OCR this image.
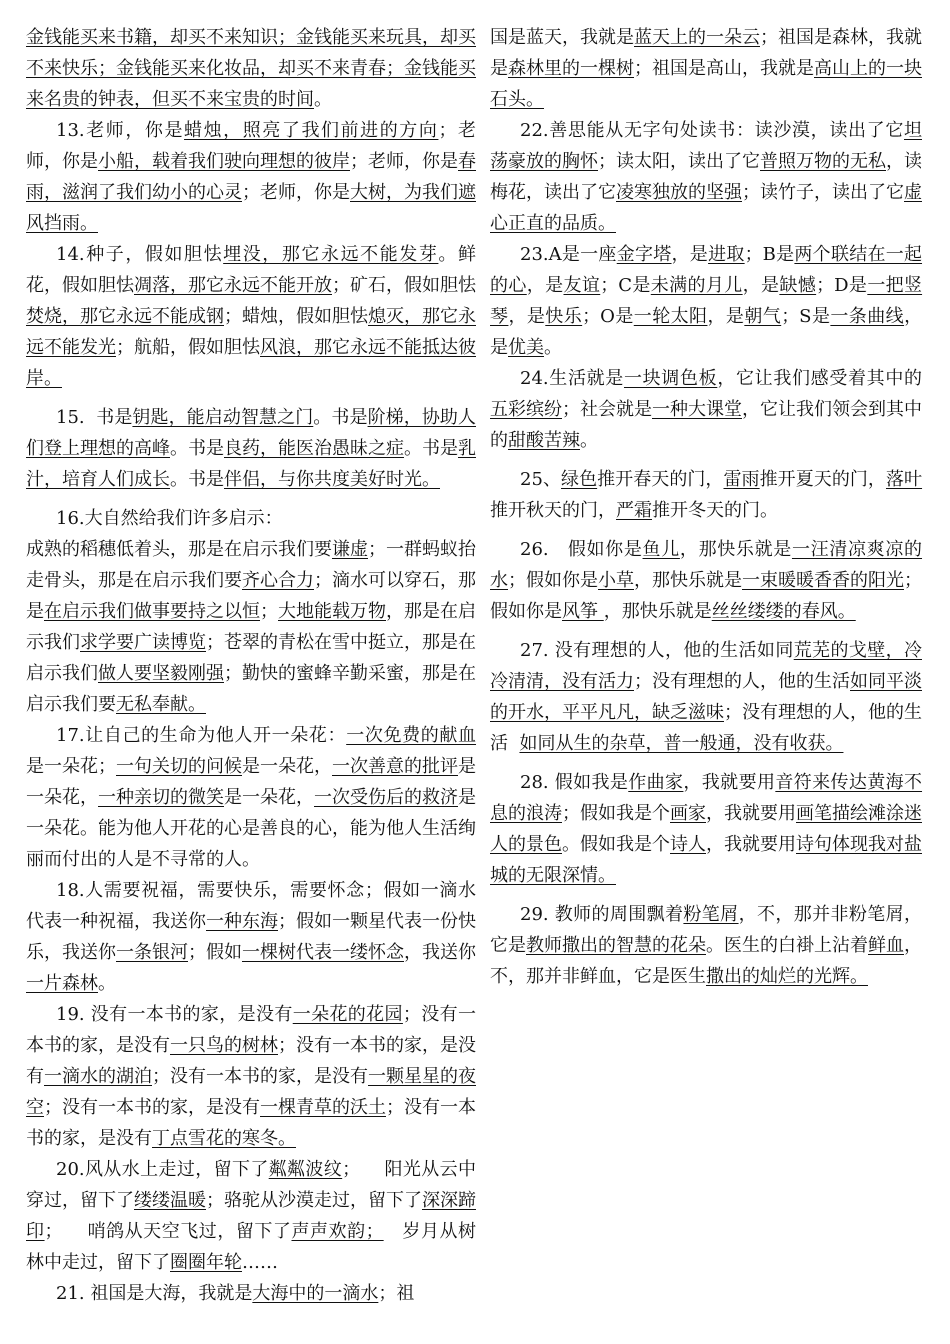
金钱能买来书籍，却买不来知识；金钱能买来玩具，却买不来快乐；金钱能买来化妆品，却买不来青春；金钱能买来名贵的钟表，但买不来宝贵的时间。

13.老师，你是蜡烛，照亮了我们前进的方向；老师，你是小船，载着我们驶向理想的彼岸；老师，你是春雨，滋润了我们幼小的心灵；老师，你是大树，为我们遮风挡雨。

14.种子，假如胆怯埋没，那它永远不能发芽。鲜花，假如胆怯凋落，那它永远不能开放；矿石，假如胆怯焚烧，那它永远不能成钢；蜡烛，假如胆怯熄灭，那它永远不能发光；航船，假如胆怯风浪，那它永远不能抵达彼岸。

15.  书是钥匙，能启动智慧之门。书是阶梯，协助人们登上理想的高峰。书是良药，能医治愚昧之症。书是乳汁，培育人们成长。书是伴侣，与你共度美好时光。

16.大自然给我们许多启示：

成熟的稻穗低着头，那是在启示我们要谦虚；一群蚂蚁抬走骨头，那是在启示我们要齐心合力；滴水可以穿石，那是在启示我们做事要持之以恒；大地能载万物，那是在启示我们求学要广读博览；苍翠的青松在雪中挺立，那是在启示我们做人要坚毅刚强；勤快的蜜蜂辛勤采蜜，那是在启示我们要无私奉献。

17.让自己的生命为他人开一朵花：一次免费的献血是一朵花；一句关切的问候是一朵花，一次善意的批评是一朵花，一种亲切的微笑是一朵花，一次受伤后的救济是一朵花。能为他人开花的心是善良的心，能为他人生活绚丽而付出的人是不寻常的人。

18.人需要祝福，需要快乐，需要怀念；假如一滴水代表一种祝福，我送你一种东海；假如一颗星代表一份快乐，我送你一条银河；假如一棵树代表一缕怀念，我送你一片森林。

19. 没有一本书的家，是没有一朵花的花园；没有一本书的家，是没有一只鸟的树林；没有一本书的家，是没有一滴水的湖泊；没有一本书的家，是没有一颗星星的夜空；没有一本书的家，是没有一棵青草的沃土；没有一本书的家，是没有丁点雪花的寒冬。

20.风从水上走过，留下了粼粼波纹；    阳光从云中穿过，留下了缕缕温暖；骆驼从沙漠走过，留下了深深蹄印；    哨鸽从天空飞过，留下了声声欢韵；   岁月从树林中走过，留下了圈圈年轮……

21. 祖国是大海，我就是大海中的一滴水；祖

国是蓝天，我就是蓝天上的一朵云；祖国是森林，我就是森林里的一棵树；祖国是高山，我就是高山上的一块石头。

22.善思能从无字句处读书：读沙漠，读出了它坦荡豪放的胸怀；读太阳，读出了它普照万物的无私，读梅花，读出了它凌寒独放的坚强；读竹子，读出了它虚心正直的品质。

23.A是一座金字塔，是进取；B是两个联结在一起的心，是友谊；C是未满的月儿，是缺憾；D是一把竖琴，是快乐；O是一轮太阳，是朝气；S是一条曲线，是优美。

24.生活就是一块调色板，它让我们感受着其中的五彩缤纷；社会就是一种大课堂，它让我们领会到其中的甜酸苦辣。

25、绿色推开春天的门，雷雨推开夏天的门，落叶推开秋天的门，严霜推开冬天的门。

26.   假如你是鱼儿，那快乐就是一汪清凉爽凉的水；假如你是小草，那快乐就是一束暖暖香香的阳光；假如你是风筝 ，那快乐就是丝丝缕缕的春风。

27. 没有理想的人，他的生活如同荒芜的戈壁，冷冷清清，没有活力；没有理想的人，他的生活如同平淡的开水，平平凡凡，缺乏滋味；没有理想的人，他的生活  如同从生的杂草，普一般通，没有收获。

28. 假如我是作曲家，我就要用音符来传达黄海不息的浪涛；假如我是个画家，我就要用画笔描绘滩涂迷人的景色。假如我是个诗人，我就要用诗句体现我对盐城的无限深情。

29. 教师的周围飘着粉笔屑，不，那并非粉笔屑，它是教师撒出的智慧的花朵。医生的白褂上沾着鲜血，不，那并非鲜血，它是医生撒出的灿烂的光辉。
